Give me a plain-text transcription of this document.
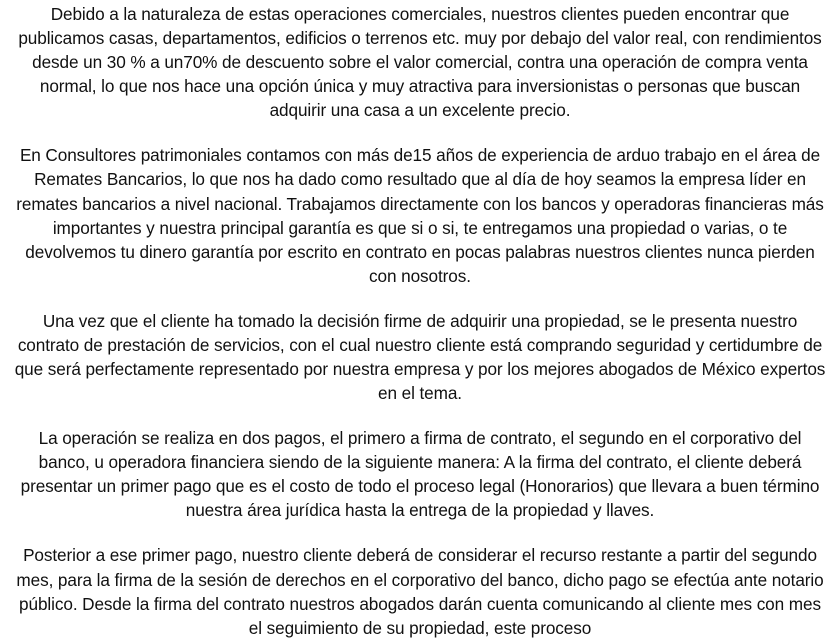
Debido a la naturaleza de estas operaciones comerciales, nuestros clientes pueden encontrar que publicamos casas, departamentos, edificios o terrenos etc. muy por debajo del valor real, con rendimientos desde un 30 % a un70% de descuento sobre el valor comercial, contra una operación de compra venta normal, lo que nos hace una opción única y muy atractiva para inversionistas o personas que buscan adquirir una casa a un excelente precio.

En Consultores patrimoniales contamos con más de15 años de experiencia de arduo trabajo en el área de Remates Bancarios, lo que nos ha dado como resultado que al día de hoy seamos la empresa líder en remates bancarios a nivel nacional. Trabajamos directamente con los bancos y operadoras financieras más importantes y nuestra principal garantía es que si o si, te entregamos una propiedad o varias, o te devolvemos tu dinero garantía por escrito en contrato en pocas palabras nuestros clientes nunca pierden con nosotros.

Una vez que el cliente ha tomado la decisión firme de adquirir una propiedad, se le presenta nuestro contrato de prestación de servicios, con el cual nuestro cliente está comprando seguridad y certidumbre de que será perfectamente representado por nuestra empresa y por los mejores abogados de México expertos en el tema.

La operación se realiza en dos pagos, el primero a firma de contrato, el segundo en el corporativo del banco, u operadora financiera siendo de la siguiente manera: A la firma del contrato, el cliente deberá presentar un primer pago que es el costo de todo el proceso legal (Honorarios) que llevara a buen término nuestra área jurídica hasta la entrega de la propiedad y llaves.

Posterior a ese primer pago, nuestro cliente deberá de considerar el recurso restante a partir del segundo mes, para la firma de la sesión de derechos en el corporativo del banco, dicho pago se efectúa ante notario público. Desde la firma del contrato nuestros abogados darán cuenta comunicando al cliente mes con mes el seguimiento de su propiedad, este proceso
